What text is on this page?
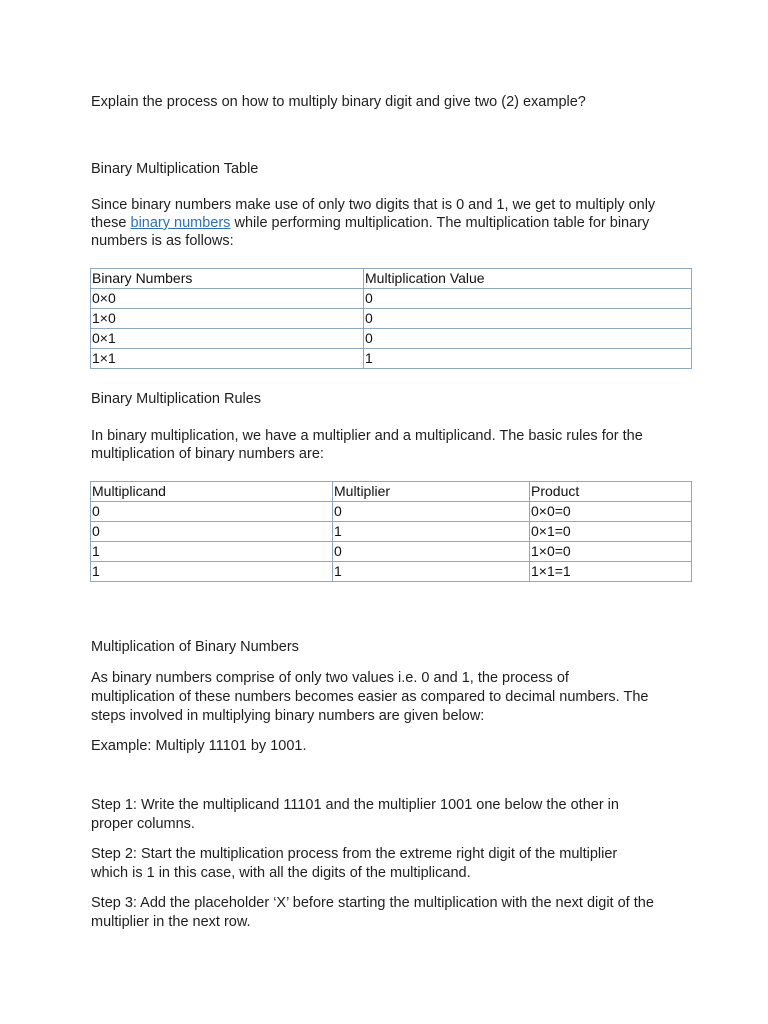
Explain the process on how to multiply binary digit and give two (2) example?

Binary Multiplication Table

Since binary numbers make use of only two digits that is 0 and 1, we get to multiply only

these binary numbers while performing multiplication. The multiplication table for binary

numbers is as follows:

Binary Numbers	Multiplication Value
0×0	0
1×0	0
0×1	0
1×1	1

Binary Multiplication Rules

In binary multiplication, we have a multiplier and a multiplicand. The basic rules for the

multiplication of binary numbers are:

Multiplicand	Multiplier	Product
0	0	0×0=0
0	1	0×1=0
1	0	1×0=0
1	1	1×1=1

Multiplication of Binary Numbers

As binary numbers comprise of only two values i.e. 0 and 1, the process of

multiplication of these numbers becomes easier as compared to decimal numbers. The

steps involved in multiplying binary numbers are given below:

Example: Multiply 11101 by 1001.

Step 1: Write the multiplicand 11101 and the multiplier 1001 one below the other in

proper columns.

Step 2: Start the multiplication process from the extreme right digit of the multiplier

which is 1 in this case, with all the digits of the multiplicand.

Step 3: Add the placeholder ‘X’ before starting the multiplication with the next digit of the

multiplier in the next row.
